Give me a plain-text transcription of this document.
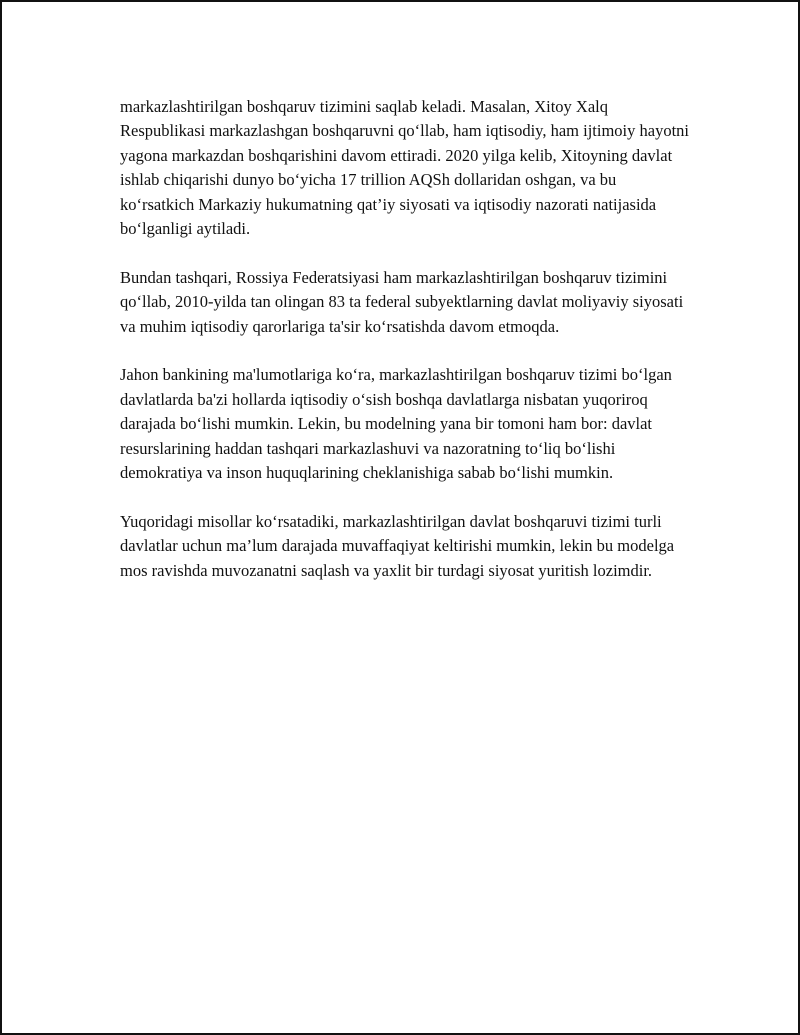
markazlashtirilgan boshqaruv tizimini saqlab keladi. Masalan, Xitoy Xalq Respublikasi markazlashgan boshqaruvni qo‘llab, ham iqtisodiy, ham ijtimoiy hayotni yagona markazdan boshqarishini davom ettiradi. 2020 yilga kelib, Xitoyning davlat ishlab chiqarishi dunyo bo‘yicha 17 trillion AQSh dollaridan oshgan, va bu ko‘rsatkich Markaziy hukumatning qat’iy siyosati va iqtisodiy nazorati natijasida bo‘lganligi aytiladi.

Bundan tashqari, Rossiya Federatsiyasi ham markazlashtirilgan boshqaruv tizimini qo‘llab, 2010-yilda tan olingan 83 ta federal subyektlarning davlat moliyaviy siyosati va muhim iqtisodiy qarorlariga ta'sir ko‘rsatishda davom etmoqda.

Jahon bankining ma'lumotlariga ko‘ra, markazlashtirilgan boshqaruv tizimi bo‘lgan davlatlarda ba'zi hollarda iqtisodiy o‘sish boshqa davlatlarga nisbatan yuqoriroq darajada bo‘lishi mumkin. Lekin, bu modelning yana bir tomoni ham bor: davlat resurslarining haddan tashqari markazlashuvi va nazoratning to‘liq bo‘lishi demokratiya va inson huquqlarining cheklanishiga sabab bo‘lishi mumkin.

Yuqoridagi misollar ko‘rsatadiki, markazlashtirilgan davlat boshqaruvi tizimi turli davlatlar uchun ma’lum darajada muvaffaqiyat keltirishi mumkin, lekin bu modelga mos ravishda muvozanatni saqlash va yaxlit bir turdagi siyosat yuritish lozimdir.
